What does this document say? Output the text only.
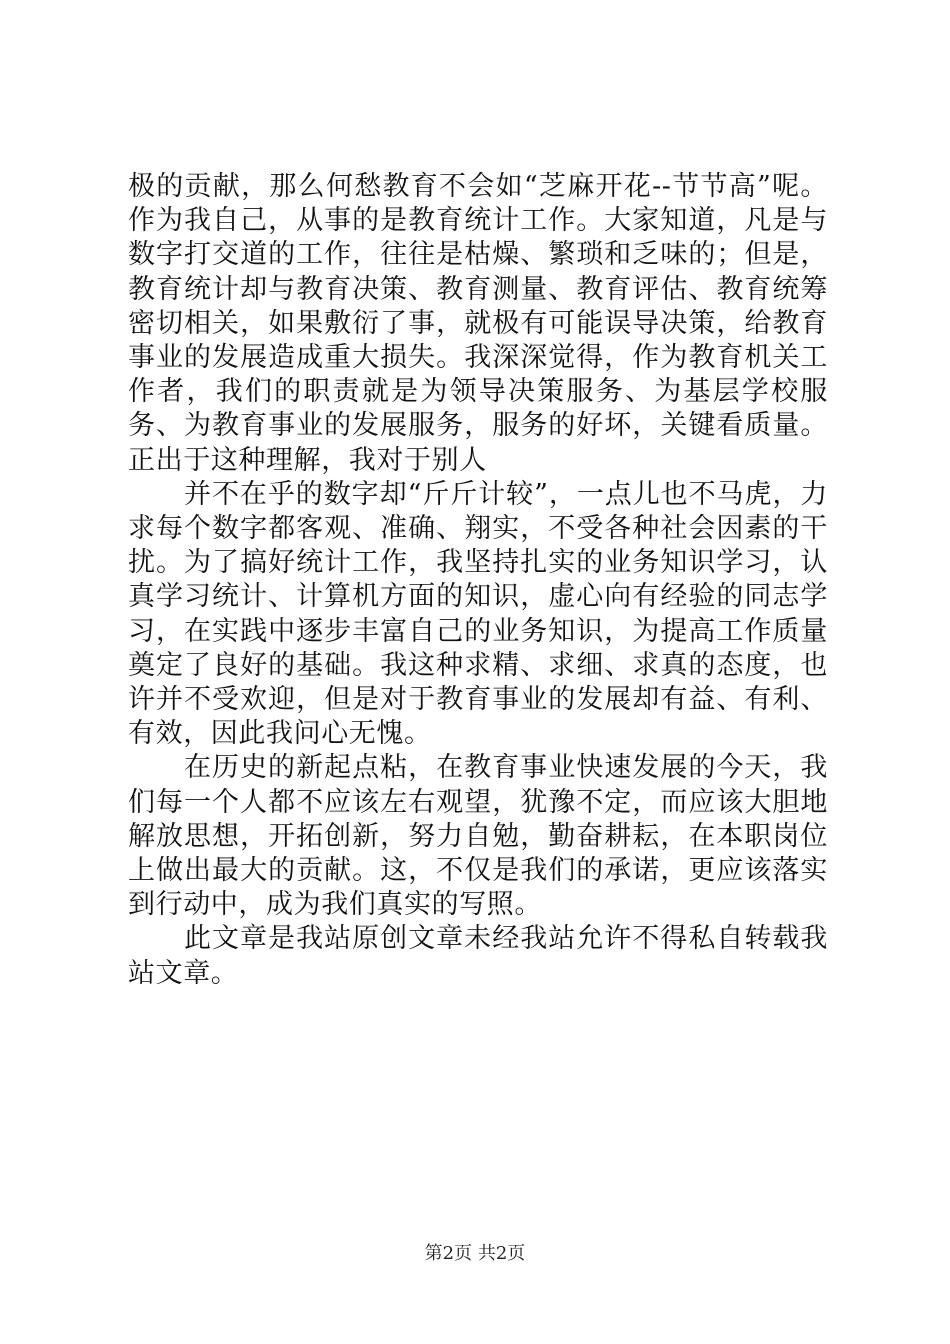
极的贡献，那么何愁教育不会如“芝麻开花--节节高”呢。作为我自己，从事的是教育统计工作。大家知道，凡是与数字打交道的工作，往往是枯燥、繁琐和乏味的；但是，教育统计却与教育决策、教育测量、教育评估、教育统筹密切相关，如果敷衍了事，就极有可能误导决策，给教育事业的发展造成重大损失。我深深觉得，作为教育机关工作者，我们的职责就是为领导决策服务、为基层学校服务、为教育事业的发展服务，服务的好坏，关键看质量。正出于这种理解，我对于别人

并不在乎的数字却“斤斤计较”，一点儿也不马虎，力求每个数字都客观、准确、翔实，不受各种社会因素的干扰。为了搞好统计工作，我坚持扎实的业务知识学习，认真学习统计、计算机方面的知识，虚心向有经验的同志学习，在实践中逐步丰富自己的业务知识，为提高工作质量奠定了良好的基础。我这种求精、求细、求真的态度，也许并不受欢迎，但是对于教育事业的发展却有益、有利、有效，因此我问心无愧。

在历史的新起点粘，在教育事业快速发展的今天，我们每一个人都不应该左右观望，犹豫不定，而应该大胆地解放思想，开拓创新，努力自勉，勤奋耕耘，在本职岗位上做出最大的贡献。这，不仅是我们的承诺，更应该落实到行动中，成为我们真实的写照。

此文章是我站原创文章未经我站允许不得私自转载我站文章。

第2页 共2页
